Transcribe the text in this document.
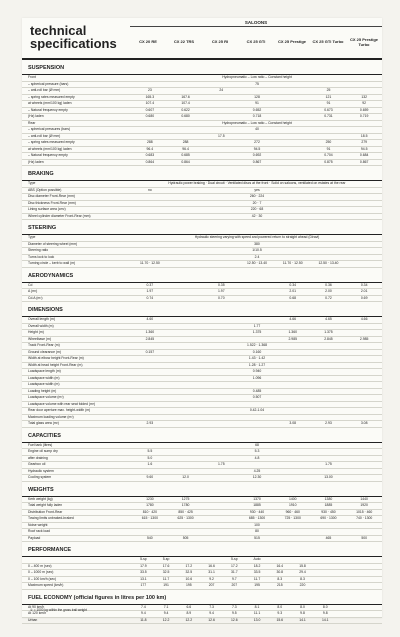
technical
specifications
SALOONS
CX 20 RE	CX 22 TRS	CX 25 RI	CX 25 GTi	CX 25 Prestige	CX 25 GTi Turbo	CX 25 Prestige Turbo
SUSPENSION
Front	Hydropneumatic – Low ratio – Constant height
– spherical pressure (bars)	75
– anti-roll bar (Ø mm)	23	24	25
– spring rates measured empty	165.3	167.6	128	121	132
at wheels (mm/100 kg) laden	107.4	107.4	91	91	92
– Natural frequency empty	0.607	0.622	0.652	0.673	0.659
(Hz) laden	0.680	0.680	0.718	0.731	0.719
Rear	Hydropneumatic – Low ratio – Constant height
– spherical pressures (bars)	40
– anti-roll bar (Ø mm)	17.5	18.5
– spring rates measured empty	288	288	272	250	279
at wheels (mm/100 kg) laden	96.4	96.4	94.5	91	94.5
– Natural frequency empty	0.683	0.685	0.692	0.704	0.684
(Hz) laden	0.864	0.864	0.867	0.875	0.867
BRAKING
Type	Hydraulic power braking · Dual circuit · Ventilated discs at the front · Solid on saloons, ventilated on estates at the rear
ABS (Option possible)	no	yes
Disc diameter Front-Rear (mm)	260 · 224
Disc thickness Front-Rear (mm)	20 · 7
Lining surface area (cm²)	220 · 68
Wheel cylinder diameter Front-Rear (mm)	42 · 30
STEERING
Type	Hydraulic steering varying with speed and powered return to straight ahead (Diravi)
Diameter of steering wheel (mm)	380
Steering ratio	1/10.5
Turns lock to lock	2.4
Turning circle – kerb to wall (m)	11.70 · 12.50	12.50 · 13.40	11.70 · 12.50	12.50 · 13.40
AERODYNAMICS
Cd	0.37	0.35	0.34	0.36	0.34
A (m²)	1.97	1.97	2.01	2.00	2.01
Cd.A (m²)	0.74	0.70	0.68	0.72	0.69
DIMENSIONS
Overall length (m)	4.60	4.66	4.65	4.66
Overall width (m)	1.77
Height (m)	1.360	1.375	1.360	1.375
Wheelbase (m)	2.845	2.985	2.845	2.985
Track Front-Rear (m)	1.522 · 1.368
Ground clearance (m)	0.157	0.160
Width at elbow height Front-Rear (m)	1.43 · 1.42
Width at head height Front-Rear (m)	1.28 · 1.27
Loadspace length (m)	0.940
Loadspace width (m)	1.096
Loadspace width (m)
Loading height (m)	0.485
Loadspace volume (m³)	0.507
Loadspace volume with rear seat folded (m³)
Rear door aperture max. height-width (m)	0.42-1.04
Maximum loading volume (m³)
Total glass area (m²)	2.93	3.08	2.93	3.08
CAPACITIES
Fuel tank (litres)	68
Engine oil sump dry	5.5	5.3
after draining	5.0	4.8
Gearbox oil	1.6	1.75	1.75
Hydraulic system	4.25
Cooling system	9.60	12.0	12.30	13.00
WEIGHTS
Kerb weight (kg)	1230	1275	1370	1400	1380	1440
Total weight fully laden	1780	1780	1885	1910	1885	1920
Distribution Front-Rear	810 · 420	850 · 425	930 · 440	960 · 460	930 · 450	1015 · 460
Towing limits unbraked-braked	615 · 1300	625 · 1300	685 · 1300	725 · 1300	690 · 1300	740 · 1300
Noise weight	100
Roof rack load	80
Payload	540	505	515	465	500
PERFORMANCE
5-sp	5-sp	5-sp	Auto
0 – 400 m (sec)	17.9	17.6	17.2	16.6	17.2	18.2	16.4	15.8
0 – 1000 m (sec)	33.5	32.5	32.5	31.1	31.7	33.5	30.8	29.4
0 – 100 km/h (sec)	13.1	11.7	10.6	9.2	9.7	11.7	8.3	8.3
Maximum speed (km/h)	177	191	195	207	207	195	215	220
FUEL ECONOMY (official figures in litres per 100 km)
At 90 km/h	7.4	7.1	6.6	7.3	7.3	8.1	8.0	8.0	8.0
At 120 km/h	9.4	9.4	8.9	9.4	9.5	11.1	9.3	9.8	9.8
Urban	11.8	12.2	12.2	12.6	12.6	13.0	15.6	14.1	14.1
② = 1000 kg within the gross trail weight
